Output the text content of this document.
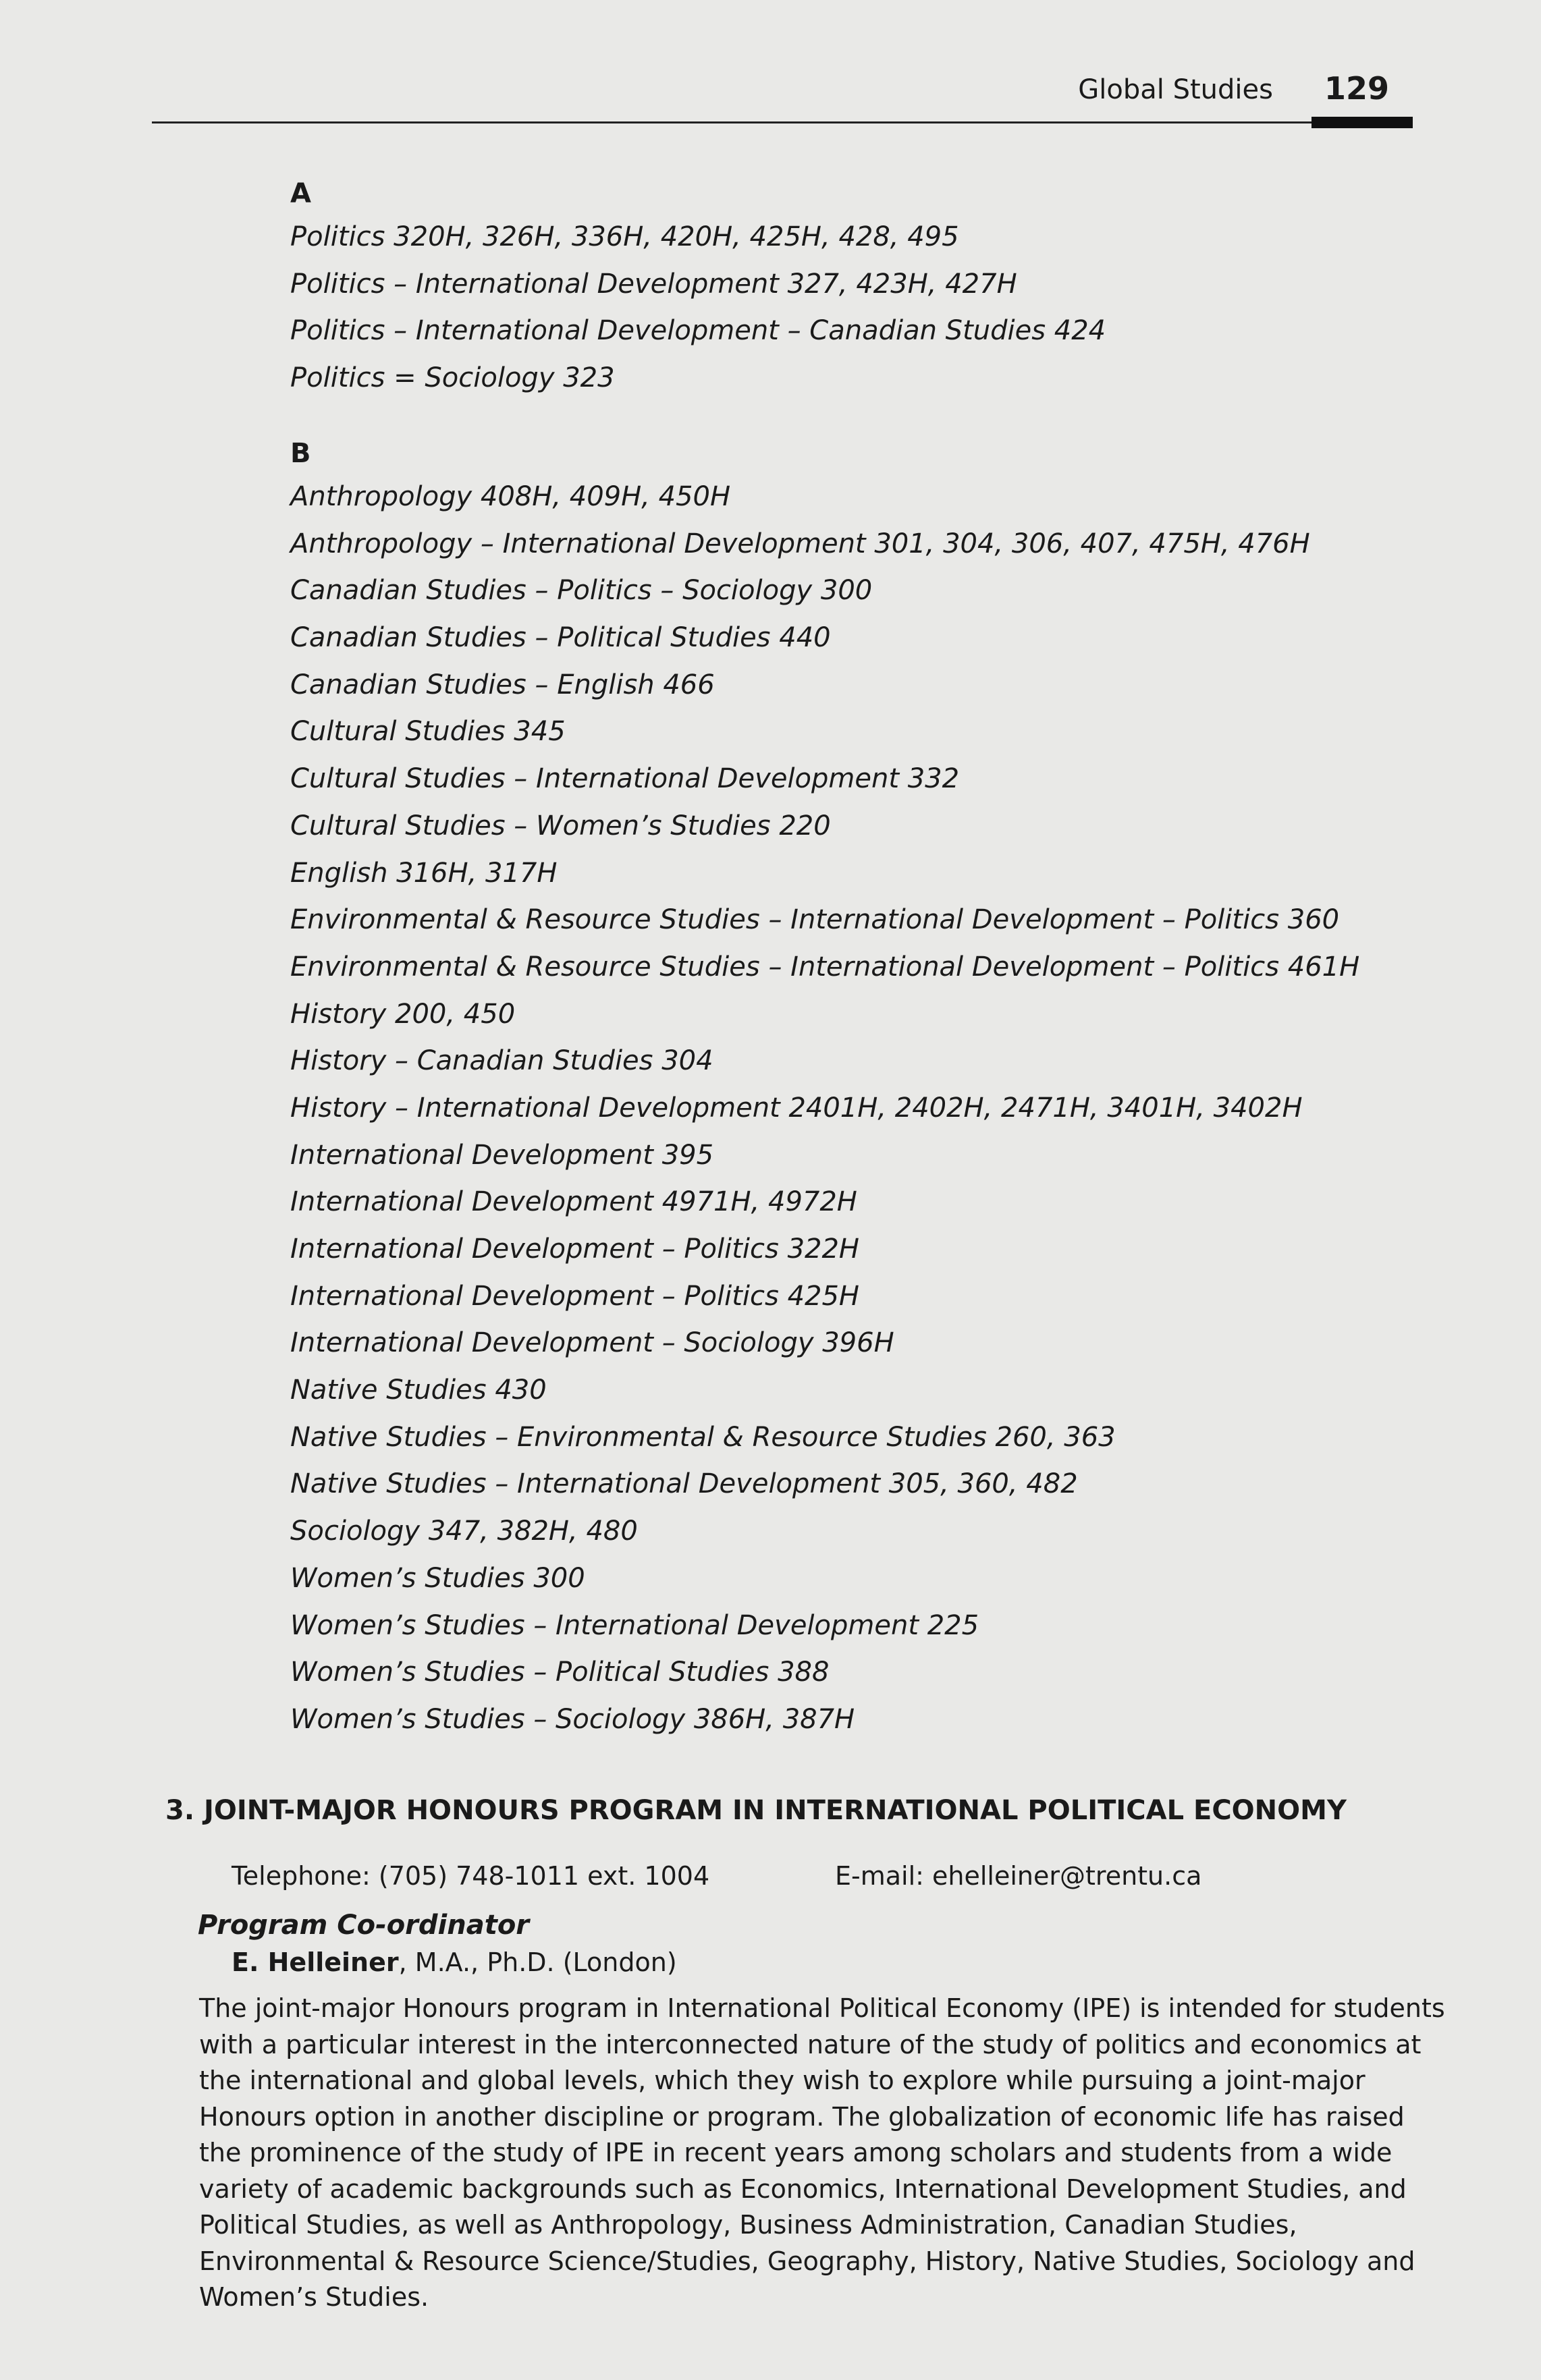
Global Studies 129
A
Politics 320H, 326H, 336H, 420H, 425H, 428, 495
Politics – International Development 327, 423H, 427H
Politics – International Development – Canadian Studies 424
Politics = Sociology 323
B
Anthropology 408H, 409H, 450H
Anthropology – International Development 301, 304, 306, 407, 475H, 476H
Canadian Studies – Politics – Sociology 300
Canadian Studies – Political Studies 440
Canadian Studies – English 466
Cultural Studies 345
Cultural Studies – International Development 332
Cultural Studies – Women’s Studies 220
English 316H, 317H
Environmental & Resource Studies – International Development – Politics 360
Environmental & Resource Studies – International Development – Politics 461H
History 200, 450
History – Canadian Studies 304
History – International Development 2401H, 2402H, 2471H, 3401H, 3402H
International Development 395
International Development 4971H, 4972H
International Development – Politics 322H
International Development – Politics 425H
International Development – Sociology 396H
Native Studies 430
Native Studies – Environmental & Resource Studies 260, 363
Native Studies – International Development 305, 360, 482
Sociology 347, 382H, 480
Women’s Studies 300
Women’s Studies – International Development 225
Women’s Studies – Political Studies 388
Women’s Studies – Sociology 386H, 387H
3. JOINT-MAJOR HONOURS PROGRAM IN INTERNATIONAL POLITICAL ECONOMY
Telephone: (705) 748-1011 ext. 1004	E-mail: ehelleiner@trentu.ca
Program Co-ordinator
E. Helleiner, M.A., Ph.D. (London)
The joint-major Honours program in International Political Economy (IPE) is intended for students
with a particular interest in the interconnected nature of the study of politics and economics at
the international and global levels, which they wish to explore while pursuing a joint-major
Honours option in another discipline or program. The globalization of economic life has raised
the prominence of the study of IPE in recent years among scholars and students from a wide
variety of academic backgrounds such as Economics, International Development Studies, and
Political Studies, as well as Anthropology, Business Administration, Canadian Studies,
Environmental & Resource Science/Studies, Geography, History, Native Studies, Sociology and
Women’s Studies.
